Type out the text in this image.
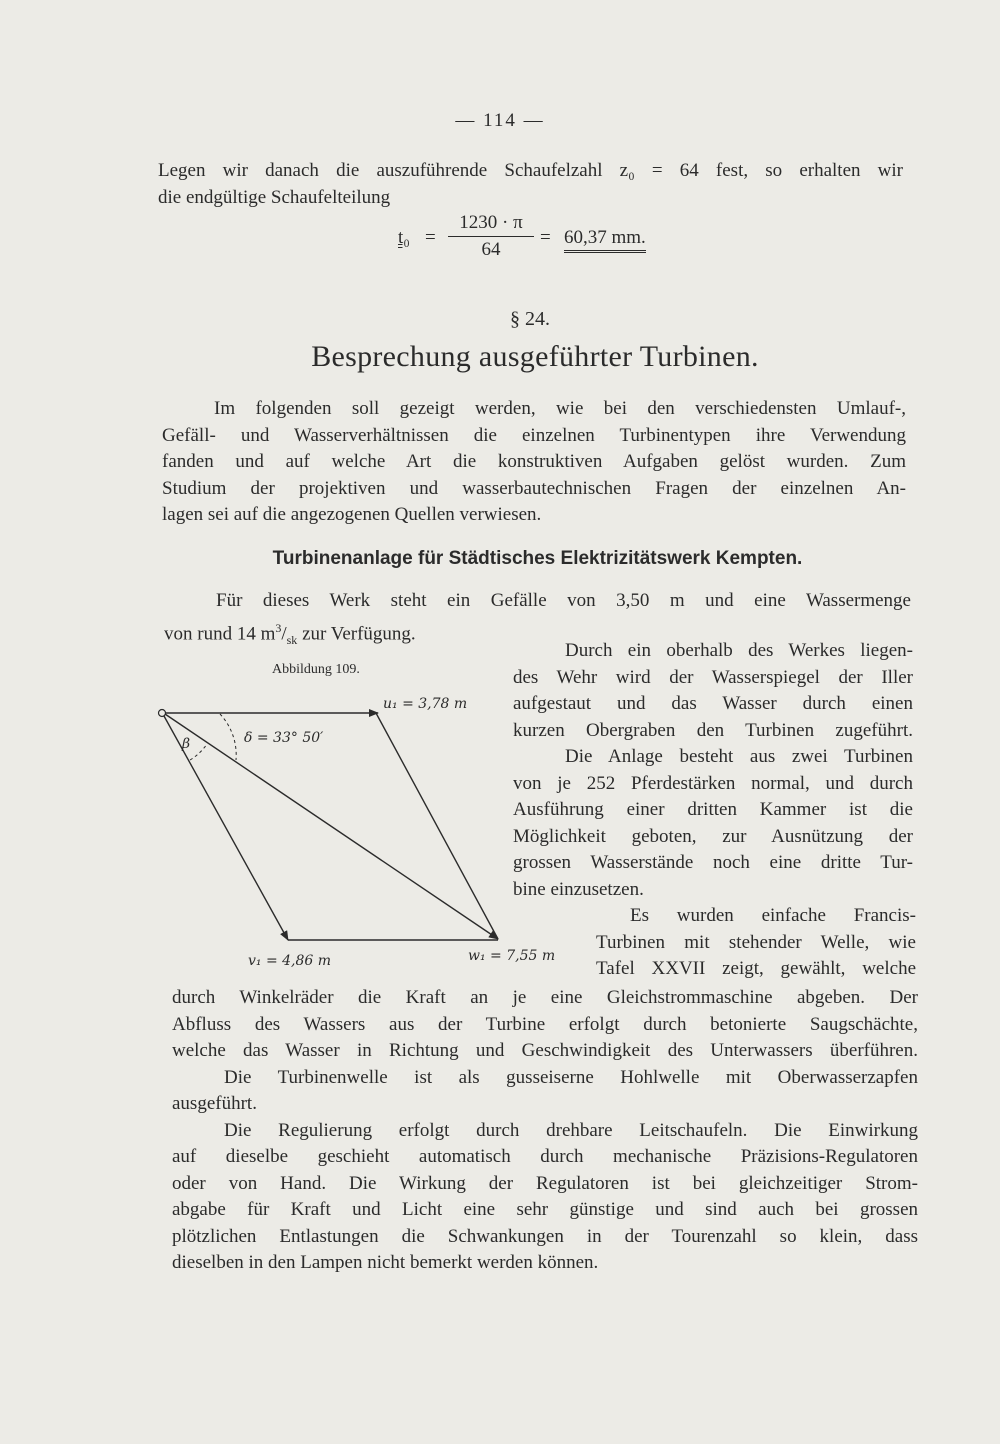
— 114 —
Legen wir danach die auszuführende Schaufelzahl z₀ = 64 fest, so erhalten wir
die endgültige Schaufelteilung
$t_0 = \frac{1230 \cdot \pi}{64} = 60,37$ mm.
§ 24.
Besprechung ausgeführter Turbinen.
Im folgenden soll gezeigt werden, wie bei den verschiedensten Umlauf-,
Gefäll- und Wasserverhältnissen die einzelnen Turbinentypen ihre Verwendung
fanden und auf welche Art die konstruktiven Aufgaben gelöst wurden. Zum
Studium der projektiven und wasserbautechnischen Fragen der einzelnen An-
lagen sei auf die angezogenen Quellen verwiesen.
Turbinenanlage für Städtisches Elektrizitätswerk Kempten.
Für dieses Werk steht ein Gefälle von 3,50 m und eine Wassermenge
von rund 14 $m^3/_{sk}$ zur Verfügung.
Abbildung 109.
u₁ = 3,78 m
δ = 33° 50′
β
v₁ = 4,86 m	w₁ = 7,55 m
Durch ein oberhalb des Werkes liegen-
des Wehr wird der Wasserspiegel der Iller
aufgestaut und das Wasser durch einen
kurzen Obergraben den Turbinen zugeführt.
Die Anlage besteht aus zwei Turbinen
von je 252 Pferdestärken normal, und durch
Ausführung einer dritten Kammer ist die
Möglichkeit geboten, zur Ausnützung der
grossen Wasserstände noch eine dritte Tur-
bine einzusetzen.
Es wurden einfache Francis-
Turbinen mit stehender Welle, wie
Tafel XXVII zeigt, gewählt, welche
durch Winkelräder die Kraft an je eine Gleichstrommaschine abgeben. Der
Abfluss des Wassers aus der Turbine erfolgt durch betonierte Saugschächte,
welche das Wasser in Richtung und Geschwindigkeit des Unterwassers überführen.
Die Turbinenwelle ist als gusseiserne Hohlwelle mit Oberwasserzapfen
ausgeführt.
Die Regulierung erfolgt durch drehbare Leitschaufeln. Die Einwirkung
auf dieselbe geschieht automatisch durch mechanische Präzisions-Regulatoren
oder von Hand. Die Wirkung der Regulatoren ist bei gleichzeitiger Strom-
abgabe für Kraft und Licht eine sehr günstige und sind auch bei grossen
plötzlichen Entlastungen die Schwankungen in der Tourenzahl so klein, dass
dieselben in den Lampen nicht bemerkt werden können.
